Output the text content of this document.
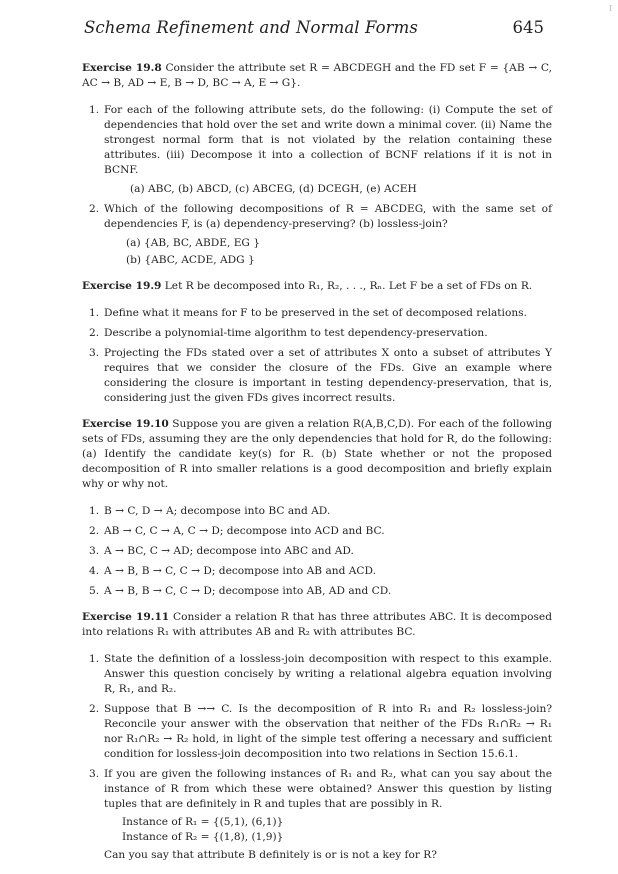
Schema Refinement and Normal Forms	645
I

Exercise 19.8 Consider the attribute set R = ABCDEGH and the FD set F = {AB → C, AC → B, AD → E, B → D, BC → A, E → G}.

1. For each of the following attribute sets, do the following: (i) Compute the set of dependencies that hold over the set and write down a minimal cover. (ii) Name the strongest normal form that is not violated by the relation containing these attributes. (iii) Decompose it into a collection of BCNF relations if it is not in BCNF.
(a) ABC, (b) ABCD, (c) ABCEG, (d) DCEGH, (e) ACEH
2. Which of the following decompositions of R = ABCDEG, with the same set of dependencies F, is (a) dependency-preserving? (b) lossless-join?
(a) {AB, BC, ABDE, EG }
(b) {ABC, ACDE, ADG }

Exercise 19.9 Let R be decomposed into R₁, R₂, . . ., Rₙ. Let F be a set of FDs on R.

1. Define what it means for F to be preserved in the set of decomposed relations.
2. Describe a polynomial-time algorithm to test dependency-preservation.
3. Projecting the FDs stated over a set of attributes X onto a subset of attributes Y requires that we consider the closure of the FDs. Give an example where considering the closure is important in testing dependency-preservation, that is, considering just the given FDs gives incorrect results.

Exercise 19.10 Suppose you are given a relation R(A,B,C,D). For each of the following sets of FDs, assuming they are the only dependencies that hold for R, do the following: (a) Identify the candidate key(s) for R. (b) State whether or not the proposed decomposition of R into smaller relations is a good decomposition and briefly explain why or why not.

1. B → C, D → A; decompose into BC and AD.
2. AB → C, C → A, C → D; decompose into ACD and BC.
3. A → BC, C → AD; decompose into ABC and AD.
4. A → B, B → C, C → D; decompose into AB and ACD.
5. A → B, B → C, C → D; decompose into AB, AD and CD.

Exercise 19.11 Consider a relation R that has three attributes ABC. It is decomposed into relations R₁ with attributes AB and R₂ with attributes BC.

1. State the definition of a lossless-join decomposition with respect to this example. Answer this question concisely by writing a relational algebra equation involving R, R₁, and R₂.
2. Suppose that B →→ C. Is the decomposition of R into R₁ and R₂ lossless-join? Reconcile your answer with the observation that neither of the FDs R₁∩R₂ → R₁ nor R₁∩R₂ → R₂ hold, in light of the simple test offering a necessary and sufficient condition for lossless-join decomposition into two relations in Section 15.6.1.
3. If you are given the following instances of R₁ and R₂, what can you say about the instance of R from which these were obtained? Answer this question by listing tuples that are definitely in R and tuples that are possibly in R.
Instance of R₁ = {(5,1), (6,1)}
Instance of R₂ = {(1,8), (1,9)}
Can you say that attribute B definitely is or is not a key for R?
